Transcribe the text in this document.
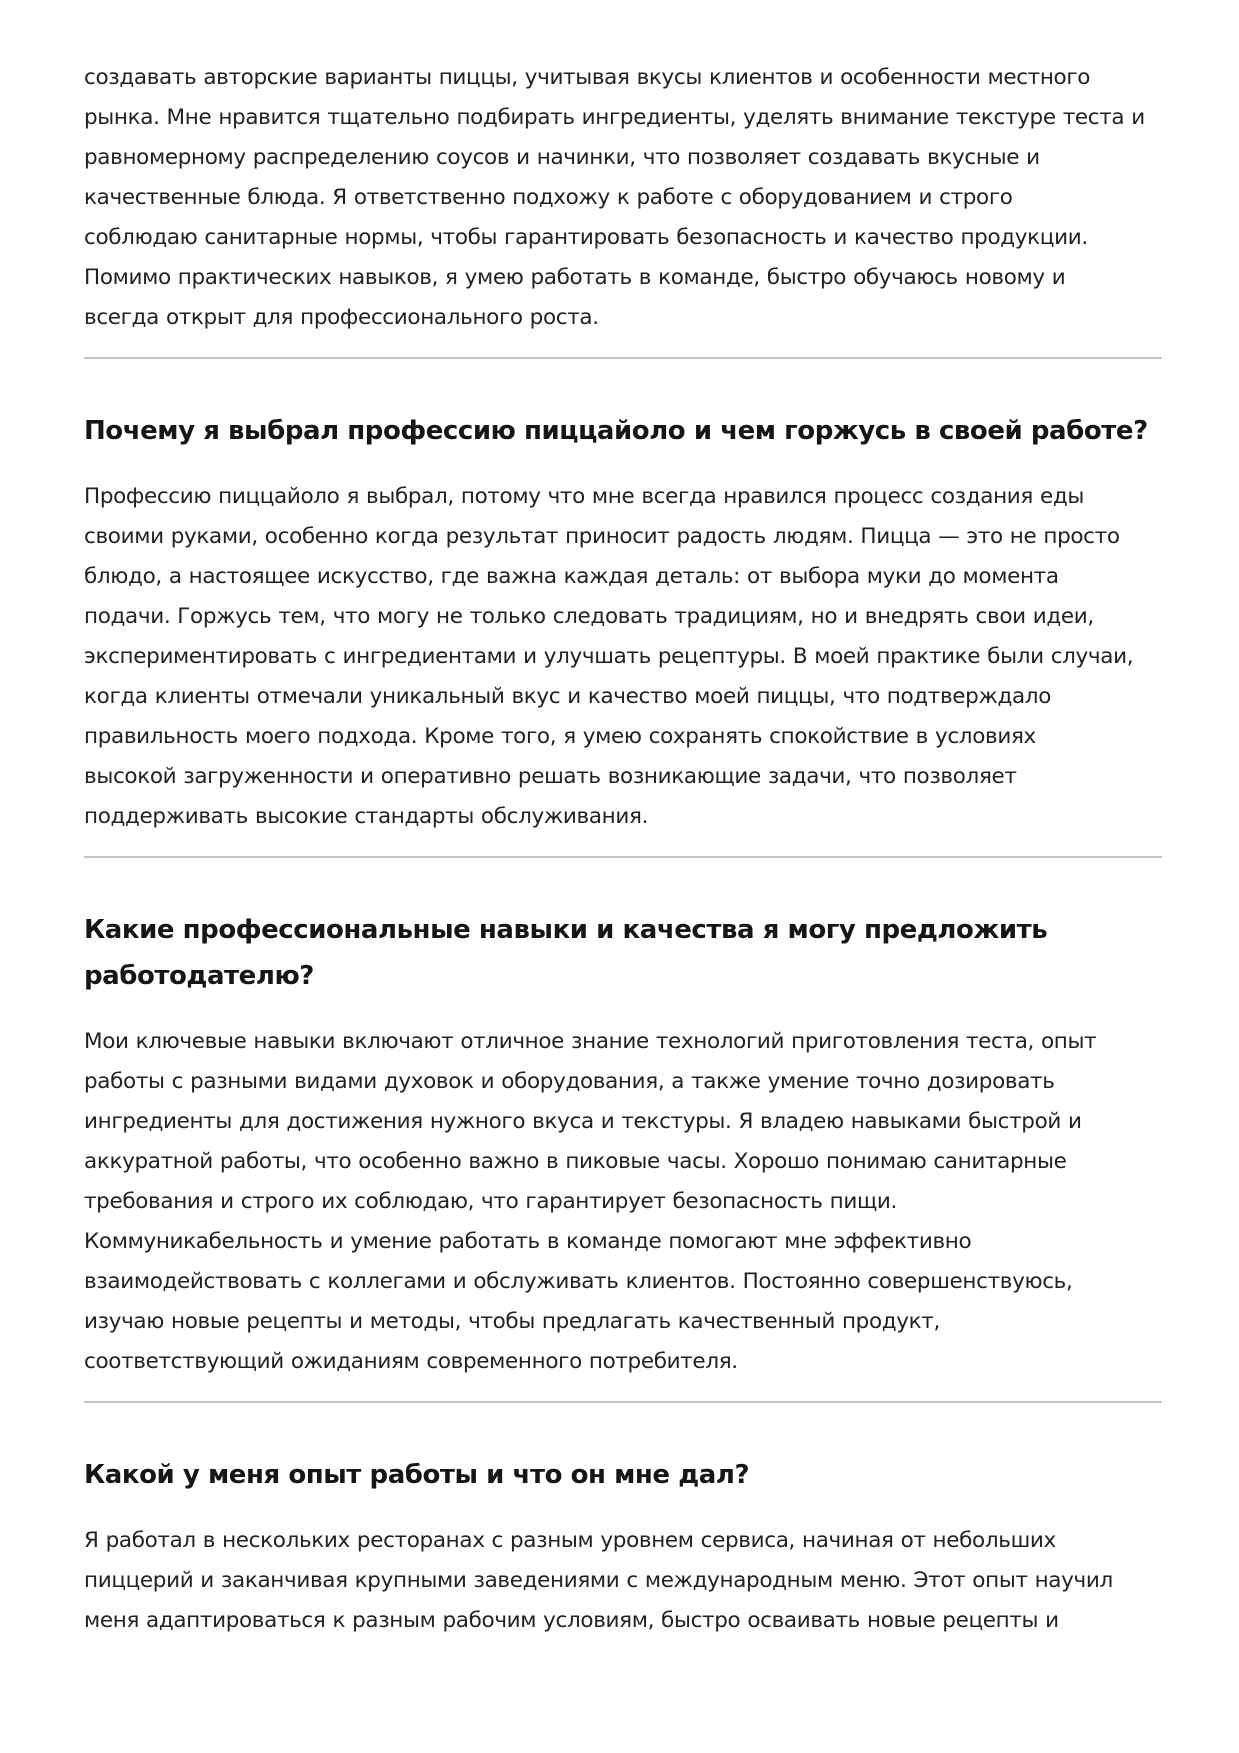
создавать авторские варианты пиццы, учитывая вкусы клиентов и особенности местного
рынка. Мне нравится тщательно подбирать ингредиенты, уделять внимание текстуре теста и
равномерному распределению соусов и начинки, что позволяет создавать вкусные и
качественные блюда. Я ответственно подхожу к работе с оборудованием и строго
соблюдаю санитарные нормы, чтобы гарантировать безопасность и качество продукции.
Помимо практических навыков, я умею работать в команде, быстро обучаюсь новому и
всегда открыт для профессионального роста.

Почему я выбрал профессию пиццайоло и чем горжусь в своей работе?

Профессию пиццайоло я выбрал, потому что мне всегда нравился процесс создания еды
своими руками, особенно когда результат приносит радость людям. Пицца — это не просто
блюдо, а настоящее искусство, где важна каждая деталь: от выбора муки до момента
подачи. Горжусь тем, что могу не только следовать традициям, но и внедрять свои идеи,
экспериментировать с ингредиентами и улучшать рецептуры. В моей практике были случаи,
когда клиенты отмечали уникальный вкус и качество моей пиццы, что подтверждало
правильность моего подхода. Кроме того, я умею сохранять спокойствие в условиях
высокой загруженности и оперативно решать возникающие задачи, что позволяет
поддерживать высокие стандарты обслуживания.

Какие профессиональные навыки и качества я могу предложить
работодателю?

Мои ключевые навыки включают отличное знание технологий приготовления теста, опыт
работы с разными видами духовок и оборудования, а также умение точно дозировать
ингредиенты для достижения нужного вкуса и текстуры. Я владею навыками быстрой и
аккуратной работы, что особенно важно в пиковые часы. Хорошо понимаю санитарные
требования и строго их соблюдаю, что гарантирует безопасность пищи.
Коммуникабельность и умение работать в команде помогают мне эффективно
взаимодействовать с коллегами и обслуживать клиентов. Постоянно совершенствуюсь,
изучаю новые рецепты и методы, чтобы предлагать качественный продукт,
соответствующий ожиданиям современного потребителя.

Какой у меня опыт работы и что он мне дал?

Я работал в нескольких ресторанах с разным уровнем сервиса, начиная от небольших
пиццерий и заканчивая крупными заведениями с международным меню. Этот опыт научил
меня адаптироваться к разным рабочим условиям, быстро осваивать новые рецепты и
